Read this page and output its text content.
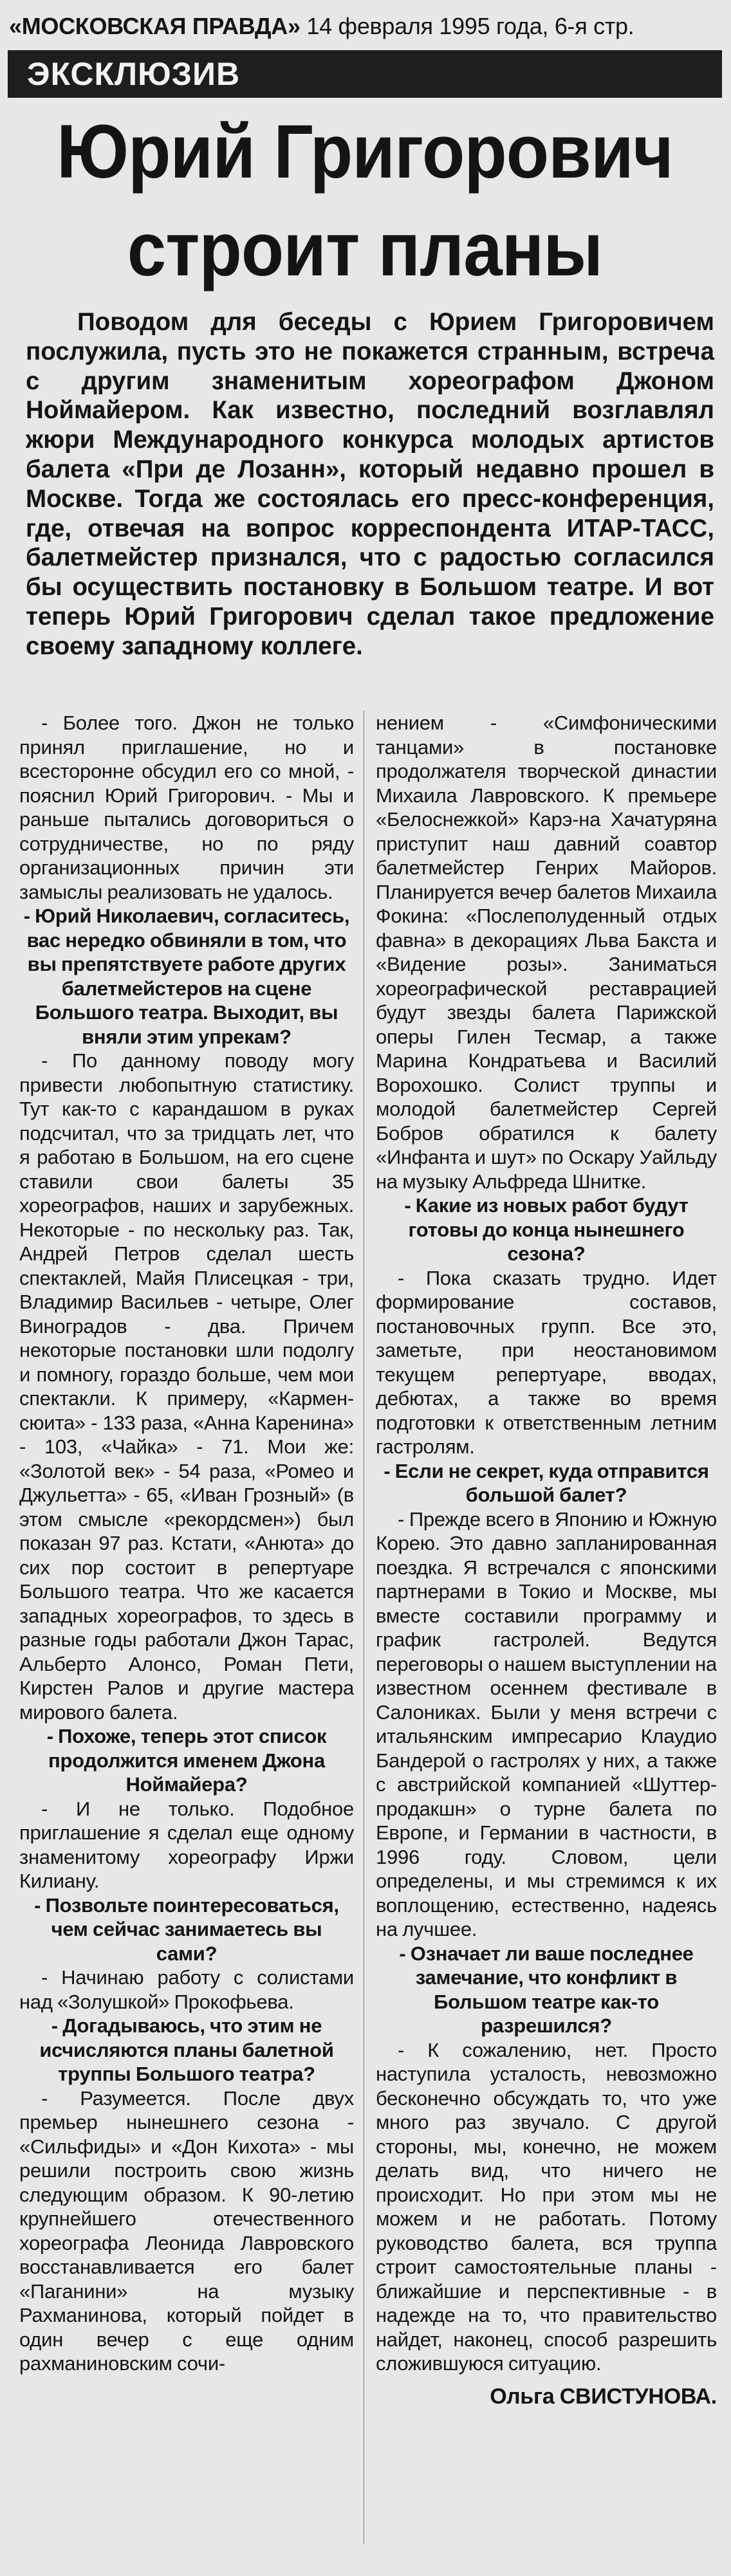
«МОСКОВСКАЯ ПРАВДА» 14 февраля 1995 года, 6-я стр.
ЭКСКЛЮЗИВ
Юрий Григорович
строит планы

Поводом для беседы с Юрием Григоровичем послужила, пусть это не покажется странным, встреча с другим знаменитым хореографом Джоном Ноймайером. Как известно, последний возглавлял жюри Международного конкурса молодых артистов балета «При де Лозанн», который недавно прошел в Москве. Тогда же состоялась его пресс-конференция, где, отвечая на вопрос корреспондента ИТАР-ТАСС, балетмейстер признался, что с радостью согласился бы осуществить постановку в Большом театре. И вот теперь Юрий Григорович сделал такое предложение своему западному коллеге.

- Более того. Джон не только принял приглашение, но и всесторонне обсудил его со мной, - пояснил Юрий Григорович. - Мы и раньше пытались договориться о сотрудничестве, но по ряду организационных причин эти замыслы реализовать не удалось.

- Юрий Николаевич, согласитесь, вас нередко обвиняли в том, что вы препятствуете работе других балетмейстеров на сцене Большого театра. Выходит, вы вняли этим упрекам?

- По данному поводу могу привести любопытную статистику. Тут как-то с карандашом в руках подсчитал, что за тридцать лет, что я работаю в Большом, на его сцене ставили свои балеты 35 хореографов, наших и зарубежных. Некоторые - по нескольку раз. Так, Андрей Петров сделал шесть спектаклей, Майя Плисецкая - три, Владимир Васильев - четыре, Олег Виноградов - два. Причем некоторые постановки шли подолгу и помногу, гораздо больше, чем мои спектакли. К примеру, «Кармен-сюита» - 133 раза, «Анна Каренина» - 103, «Чайка» - 71. Мои же: «Золотой век» - 54 раза, «Ромео и Джульетта» - 65, «Иван Грозный» (в этом смысле «рекордсмен») был показан 97 раз. Кстати, «Анюта» до сих пор состоит в репертуаре Большого театра. Что же касается западных хореографов, то здесь в разные годы работали Джон Тарас, Альберто Алонсо, Роман Пети, Кирстен Ралов и другие мастера мирового балета.

- Похоже, теперь этот список продолжится именем Джона Ноймайера?

- И не только. Подобное приглашение я сделал еще одному знаменитому хореографу Иржи Килиану.

- Позвольте поинтересоваться, чем сейчас занимаетесь вы сами?

- Начинаю работу с солистами над «Золушкой» Прокофьева.

- Догадываюсь, что этим не исчисляются планы балетной труппы Большого театра?

- Разумеется. После двух премьер нынешнего сезона - «Сильфиды» и «Дон Кихота» - мы решили построить свою жизнь следующим образом. К 90-летию крупнейшего отечественного хореографа Леонида Лавровского восстанавливается его балет «Паганини» на музыку Рахманинова, который пойдет в один вечер с еще одним рахманиновским сочи-

нением - «Симфоническими танцами» в постановке продолжателя творческой династии Михаила Лавровского. К премьере «Белоснежкой» Карэ-на Хачатуряна приступит наш давний соавтор балетмейстер Генрих Майоров. Планируется вечер балетов Михаила Фокина: «Послеполуденный отдых фавна» в декорациях Льва Бакста и «Видение розы». Заниматься хореографической реставрацией будут звезды балета Парижской оперы Гилен Тесмар, а также Марина Кондратьева и Василий Ворохошко. Солист труппы и молодой балетмейстер Сергей Бобров обратился к балету «Инфанта и шут» по Оскару Уайльду на музыку Альфреда Шнитке.

- Какие из новых работ будут готовы до конца нынешнего сезона?

- Пока сказать трудно. Идет формирование составов, постановочных групп. Все это, заметьте, при неостановимом текущем репертуаре, вводах, дебютах, а также во время подготовки к ответственным летним гастролям.

- Если не секрет, куда отправится большой балет?

- Прежде всего в Японию и Южную Корею. Это давно запланированная поездка. Я встречался с японскими партнерами в Токио и Москве, мы вместе составили программу и график гастролей. Ведутся переговоры о нашем выступлении на известном осеннем фестивале в Салониках. Были у меня встречи с итальянским импресарио Клаудио Бандерой о гастролях у них, а также с австрийской компанией «Шуттер-продакшн» о турне балета по Европе, и Германии в частности, в 1996 году. Словом, цели определены, и мы стремимся к их воплощению, естественно, надеясь на лучшее.

- Означает ли ваше последнее замечание, что конфликт в Большом театре как-то разрешился?

- К сожалению, нет. Просто наступила усталость, невозможно бесконечно обсуждать то, что уже много раз звучало. С другой стороны, мы, конечно, не можем делать вид, что ничего не происходит. Но при этом мы не можем и не работать. Потому руководство балета, вся труппа строит самостоятельные планы - ближайшие и перспективные - в надежде на то, что правительство найдет, наконец, способ разрешить сложившуюся ситуацию.

Ольга СВИСТУНОВА.
